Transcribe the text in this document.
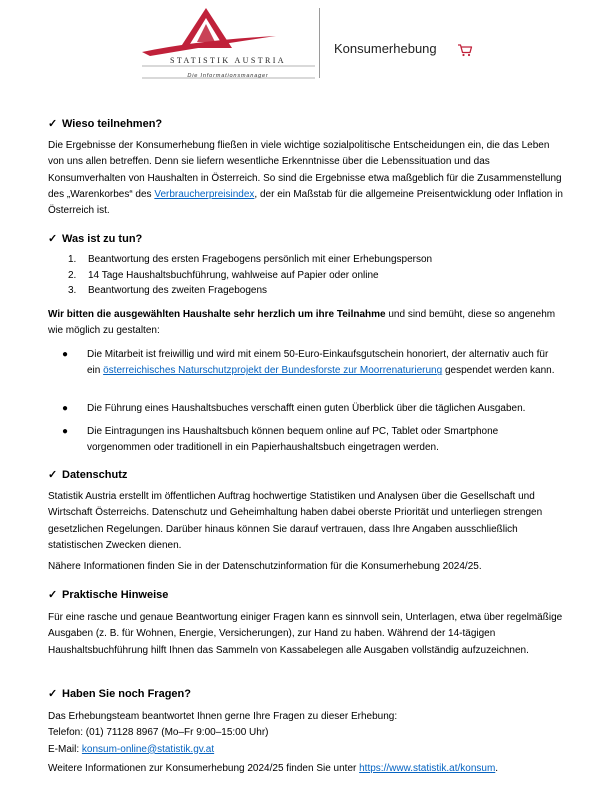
STATISTIK AUSTRIA
Die Informationsmanager
Konsumerhebung
✓ Wieso teilnehmen?
Die Ergebnisse der Konsumerhebung fließen in viele wichtige sozialpolitische Entscheidungen ein, die das Leben von uns allen betreffen. Denn sie liefern wesentliche Erkenntnisse über die Lebenssituation und das Konsumverhalten von Haushalten in Österreich. So sind die Ergebnisse etwa maßgeblich für die Zusammenstellung des „Warenkorbes“ des Verbraucherpreisindex, der ein Maßstab für die allgemeine Preisentwicklung oder Inflation in Österreich ist.
✓ Was ist zu tun?
1. Beantwortung des ersten Fragebogens persönlich mit einer Erhebungsperson
2. 14 Tage Haushaltsbuchführung, wahlweise auf Papier oder online
3. Beantwortung des zweiten Fragebogens
Wir bitten die ausgewählten Haushalte sehr herzlich um ihre Teilnahme und sind bemüht, diese so angenehm wie möglich zu gestalten:
● Die Mitarbeit ist freiwillig und wird mit einem 50-Euro-Einkaufsgutschein honoriert, der alternativ auch für ein österreichisches Naturschutzprojekt der Bundesforste zur Moorrenaturierung gespendet werden kann.
● Die Führung eines Haushaltsbuches verschafft einen guten Überblick über die täglichen Ausgaben.
● Die Eintragungen ins Haushaltsbuch können bequem online auf PC, Tablet oder Smartphone vorgenommen oder traditionell in ein Papierhaushaltsbuch eingetragen werden.
✓ Datenschutz
Statistik Austria erstellt im öffentlichen Auftrag hochwertige Statistiken und Analysen über die Gesellschaft und Wirtschaft Österreichs. Datenschutz und Geheimhaltung haben dabei oberste Priorität und unterliegen strengen gesetzlichen Regelungen. Darüber hinaus können Sie darauf vertrauen, dass Ihre Angaben ausschließlich statistischen Zwecken dienen.
Nähere Informationen finden Sie in der Datenschutzinformation für die Konsumerhebung 2024/25.
✓ Praktische Hinweise
Für eine rasche und genaue Beantwortung einiger Fragen kann es sinnvoll sein, Unterlagen, etwa über regelmäßige Ausgaben (z. B. für Wohnen, Energie, Versicherungen), zur Hand zu haben. Während der 14-tägigen Haushaltsbuchführung hilft Ihnen das Sammeln von Kassabelegen alle Ausgaben vollständig aufzuzeichnen.
✓ Haben Sie noch Fragen?
Das Erhebungsteam beantwortet Ihnen gerne Ihre Fragen zu dieser Erhebung:
Telefon: (01) 71128 8967 (Mo–Fr 9:00–15:00 Uhr)
E-Mail: konsum-online@statistik.gv.at
Weitere Informationen zur Konsumerhebung 2024/25 finden Sie unter https://www.statistik.at/konsum.
